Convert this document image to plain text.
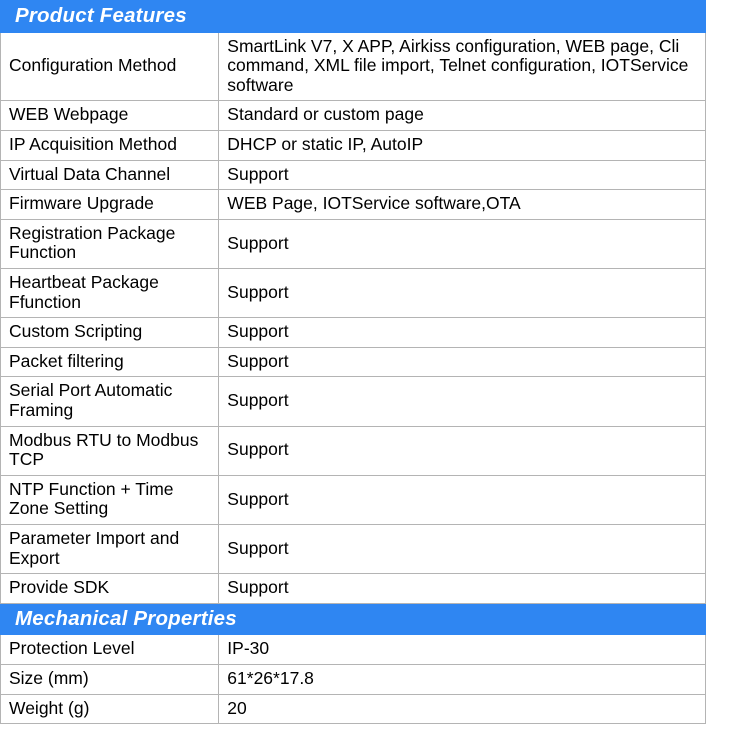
Product Features	

Configuration Method	SmartLink V7, X APP, Airkiss configuration, WEB page, Cli command, XML file import, Telnet configuration, IOTService software
WEB Webpage	Standard or custom page
IP Acquisition Method	DHCP or static IP, AutoIP
Virtual Data Channel	Support
Firmware Upgrade	WEB Page, IOTService software,OTA
Registration Package Function	Support
Heartbeat Package Ffunction	Support
Custom Scripting	Support
Packet filtering	Support
Serial Port Automatic Framing	Support
Modbus RTU to Modbus TCP	Support
NTP Function + Time Zone Setting	Support
Parameter Import and Export	Support
Provide SDK	Support

Mechanical Properties	

Protection Level	IP-30
Size (mm)	61*26*17.8
Weight (g)	20
